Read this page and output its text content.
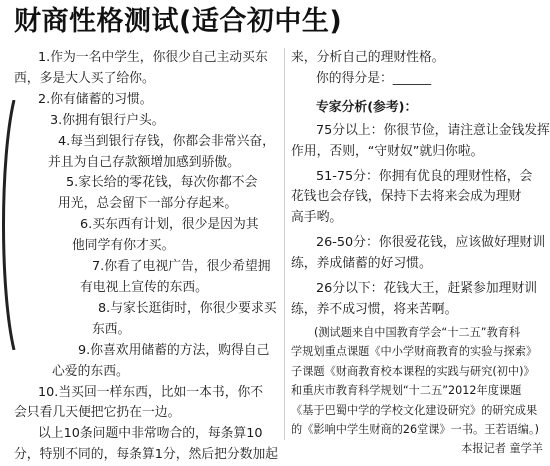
财商性格测试(适合初中生)
1.作为一名中学生，你很少自己主动买东
西，多是大人买了给你。
2.你有储蓄的习惯。
3.你拥有银行户头。
4.每当到银行存钱，你都会非常兴奋，
并且为自己存款额增加感到骄傲。
5.家长给的零花钱，每次你都不会
用光，总会留下一部分存起来。
6.买东西有计划，很少是因为其
他同学有你才买。
7.你看了电视广告，很少希望拥
有电视上宣传的东西。
8.与家长逛街时，你很少要求买
东西。
9.你喜欢用储蓄的方法，购得自己
心爱的东西。
10.当买回一样东西，比如一本书，你不
会只看几天便把它扔在一边。
以上10条问题中非常吻合的，每条算10
分，特别不同的，每条算1分，然后把分数加起
来，分析自己的理财性格。
你的得分是：______
专家分析(参考)：
75分以上：你很节俭，请注意让金钱发挥
作用，否则，“守财奴”就归你啦。
51-75分：你拥有优良的理财性格，会
花钱也会存钱，保持下去将来会成为理财
高手哟。
26-50分：你很爱花钱，应该做好理财训
练，养成储蓄的好习惯。
26分以下：花钱大王，赶紧参加理财训
练，养不成习惯，将来苦啊。
(测试题来自中国教育学会“十二五”教育科
学规划重点课题《中小学财商教育的实验与探索》
子课题《财商教育校本课程的实践与研究(初中)》
和重庆市教育科学规划“十二五”2012年度课题
《基于巴蜀中学的学校文化建设研究》的研究成果
的《影响中学生财商的26堂课》一书。王若语编。)
本报记者 童学羊
